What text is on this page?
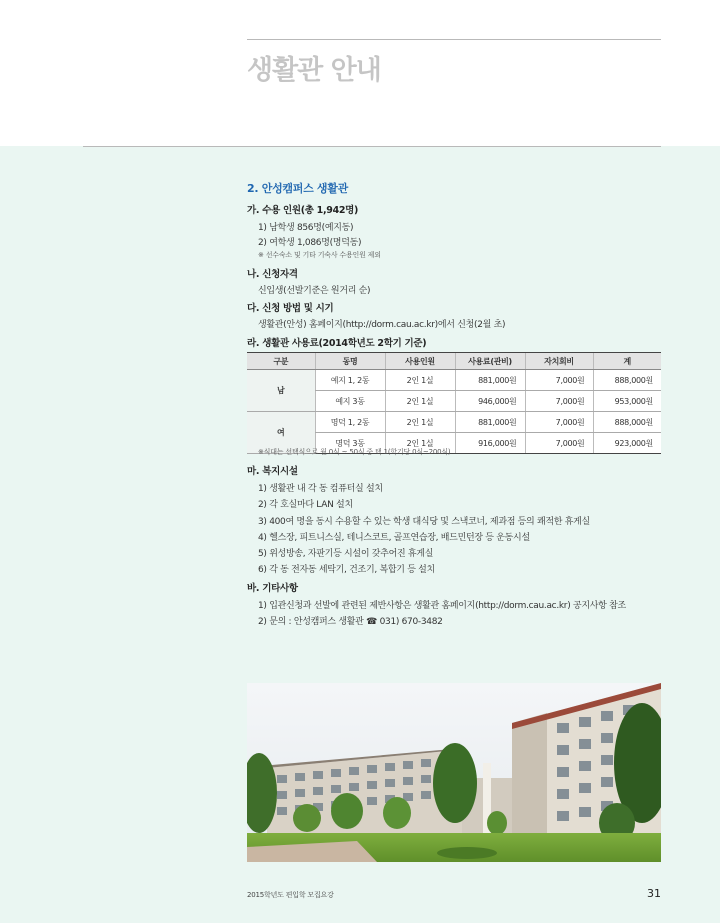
생활관 안내
2. 안성캠퍼스 생활관
가. 수용 인원(총 1,942명)
1) 남학생 856명(예지동)
2) 여학생 1,086명(명덕동)
※ 선수숙소 및 기타 기숙사 수용인원 제외
나. 신청자격
신입생(선발기준은 원거리 순)
다. 신청 방법 및 시기
생활관(안성) 홈페이지(http://dorm.cau.ac.kr)에서 신청(2월 초)
라. 생활관 사용료(2014학년도 2학기 기준)
구분	동명	사용인원	사용료(관비)	자치회비	계
남	예지 1, 2동	2인 1실	881,000원	7,000원	888,000원
	예지 3동	2인 1실	946,000원	7,000원	953,000원
여	명덕 1, 2동	2인 1실	881,000원	7,000원	888,000원
	명덕 3동	2인 1실	916,000원	7,000원	923,000원
※식대는 선택식으로 월 0식 ~ 50식 중 택 1(학기당 0식~200식)
마. 복지시설
1) 생활관 내 각 동 컴퓨터실 설치
2) 각 호실마다 LAN 설치
3) 400여 명을 동시 수용할 수 있는 학생 대식당 및 스낵코너, 제과점 등의 쾌적한 휴게실
4) 헬스장, 피트니스실, 테니스코트, 골프연습장, 배드민턴장 등 운동시설
5) 위성방송, 자판기등 시설이 갖추어진 휴게실
6) 각 동 전자동 세탁기, 건조기, 복합기 등 설치
바. 기타사항
1) 입관신청과 선발에 관련된 제반사항은 생활관 홈페이지(http://dorm.cau.ac.kr) 공지사항 참조
2) 문의 : 안성캠퍼스 생활관 ☎ 031) 670-3482
2015학년도 편입학 모집요강	31
